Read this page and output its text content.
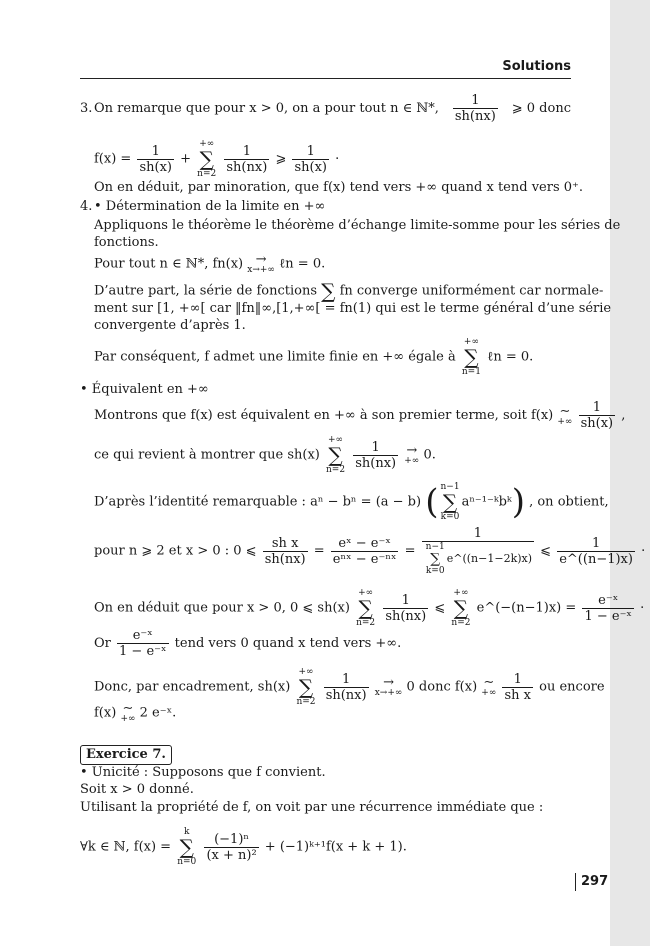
Solutions
3. On remarque que pour x > 0, on a pour tout n ∈ ℕ*, $\frac{1}{sh(nx)}$ ⩾ 0 donc
$f(x) = \frac{1}{sh(x)}$ +
+∞
∑
n=2
$\frac{1}{sh(nx)}$ ⩾ $\frac{1}{sh(x)}$ ·
On en déduit, par minoration, que f(x) tend vers +∞ quand x tend vers 0⁺.
4. • Détermination de la limite en +∞
Appliquons le théorème le théorème d’échange limite-somme pour les séries de
fonctions.
Pour tout n ∈ ℕ*, fn(x) →
x→+∞ ℓn = 0.
D’autre part, la série de fonctions ∑ fn converge uniformément car normale-
ment sur [1, +∞[ car ‖fn‖∞,[1,+∞[ = fn(1) qui est le terme général d’une série
convergente d’après 1.
Par conséquent, f admet une limite finie en +∞ égale à
+∞
∑
n=1
ℓn = 0.
• Équivalent en +∞
Montrons que f(x) est équivalent en +∞ à son premier terme, soit f(x) ∼
+∞
$\frac{1}{sh(x)}$ ,
ce qui revient à montrer que sh(x)
+∞
∑
n=2
$\frac{1}{sh(nx)}$
→
+∞ 0.
D’après l’identité remarquable : aⁿ − bⁿ = (a − b) ( n−1
∑
k=0
aⁿ⁻¹⁻ᵏbᵏ) , on obtient,
pour n ⩾ 2 et x > 0 : 0 ⩽ $\frac{\text{sh x}}{sh(nx)} = \frac{\text{eˣ − e⁻ˣ}}{\text{eⁿˣ − e⁻ⁿˣ}} = 1$
n−1
∑
k=0
e^((n−1−2k)x) ⩽ $\frac{1}{e\^{}((n-1)x)}$ ·
On en déduit que pour x > 0, 0 ⩽ sh(x)
+∞
∑
n=2
$\frac{1}{sh(nx)}$ ⩽
+∞
∑
n=2
e^(−(n−1)x) = $\frac{\text{e⁻ˣ}}{\text{1 − e⁻ˣ}}$ ·
Or $\frac{\text{e⁻ˣ}}{\text{1 − e⁻ˣ}}$ tend vers 0 quand x tend vers +∞.
Donc, par encadrement, sh(x)
+∞
∑
n=2
$\frac{1}{sh(nx)}$
	→
x→+∞ 0 donc f(x) ∼
+∞
$\frac{1}{\text{sh x}}$ ou encore
f(x) ∼
+∞ 2 e⁻ˣ.
Exercice 7.
• Unicité : Supposons que f convient.
Soit x > 0 donné.
Utilisant la propriété de f, on voit par une récurrence immédiate que :
∀k ∈ ℕ, f(x) =
k
∑
n=0
$\frac{\text{(−1)ⁿ}}{\text{(x + n)²}}$ + (−1)ᵏ⁺¹f(x + k + 1).
297
